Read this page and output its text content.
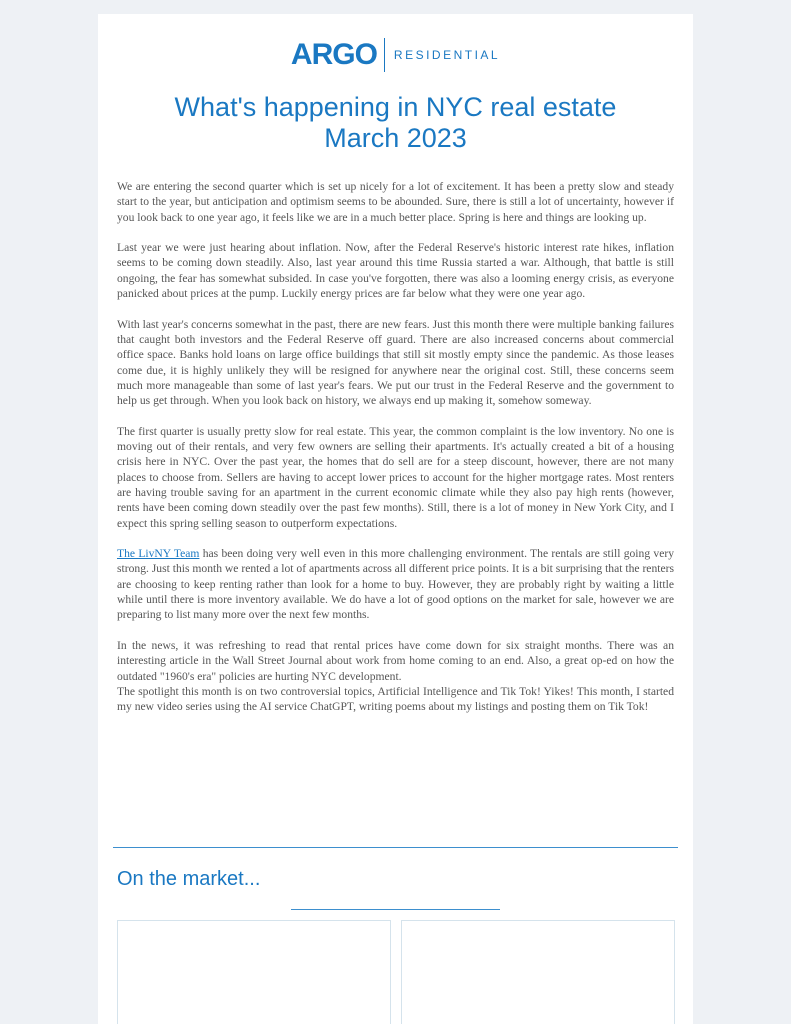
ARGO RESIDENTIAL
What's happening in NYC real estate
March 2023

We are entering the second quarter which is set up nicely for a lot of excitement. It has been a pretty slow and steady start to the year, but anticipation and optimism seems to be abounded. Sure, there is still a lot of uncertainty, however if you look back to one year ago, it feels like we are in a much better place. Spring is here and things are looking up.

Last year we were just hearing about inflation. Now, after the Federal Reserve's historic interest rate hikes, inflation seems to be coming down steadily. Also, last year around this time Russia started a war. Although, that battle is still ongoing, the fear has somewhat subsided. In case you've forgotten, there was also a looming energy crisis, as everyone panicked about prices at the pump. Luckily energy prices are far below what they were one year ago.

With last year's concerns somewhat in the past, there are new fears. Just this month there were multiple banking failures that caught both investors and the Federal Reserve off guard. There are also increased concerns about commercial office space. Banks hold loans on large office buildings that still sit mostly empty since the pandemic. As those leases come due, it is highly unlikely they will be resigned for anywhere near the original cost. Still, these concerns seem much more manageable than some of last year's fears. We put our trust in the Federal Reserve and the government to help us get through. When you look back on history, we always end up making it, somehow someway.

The first quarter is usually pretty slow for real estate. This year, the common complaint is the low inventory. No one is moving out of their rentals, and very few owners are selling their apartments. It's actually created a bit of a housing crisis here in NYC. Over the past year, the homes that do sell are for a steep discount, however, there are not many places to choose from. Sellers are having to accept lower prices to account for the higher mortgage rates. Most renters are having trouble saving for an apartment in the current economic climate while they also pay high rents (however, rents have been coming down steadily over the past few months). Still, there is a lot of money in New York City, and I expect this spring selling season to outperform expectations.

The LivNY Team has been doing very well even in this more challenging environment. The rentals are still going very strong. Just this month we rented a lot of apartments across all different price points. It is a bit surprising that the renters are choosing to keep renting rather than look for a home to buy. However, they are probably right by waiting a little while until there is more inventory available. We do have a lot of good options on the market for sale, however we are preparing to list many more over the next few months.

In the news, it was refreshing to read that rental prices have come down for six straight months. There was an interesting article in the Wall Street Journal about work from home coming to an end. Also, a great op-ed on how the outdated "1960's era" policies are hurting NYC development.

The spotlight this month is on two controversial topics, Artificial Intelligence and Tik Tok! Yikes! This month, I started my new video series using the AI service ChatGPT, writing poems about my listings and posting them on Tik Tok!

On the market...
